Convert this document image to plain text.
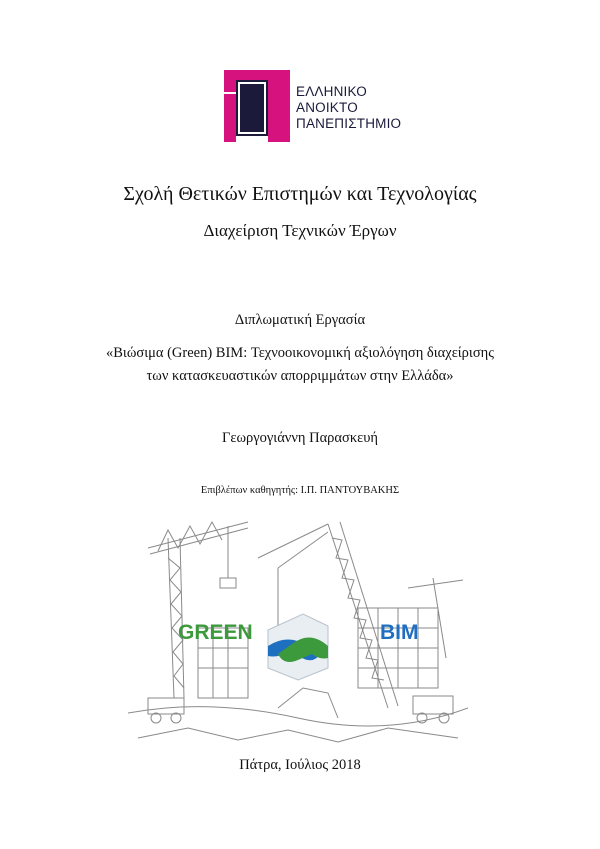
ΕΛΛΗΝΙΚΟ
ΑΝΟΙΚΤΟ
ΠΑΝΕΠΙΣΤΗΜΙΟ
Σχολή Θετικών Επιστημών και Τεχνολογίας
Διαχείριση Τεχνικών Έργων
Διπλωματική Εργασία
«Βιώσιμα (Green) BIM: Τεχνοοικονομική αξιολόγηση διαχείρισης
των κατασκευαστικών απορριμμάτων στην Ελλάδα»
Γεωργογιάννη Παρασκευή
Επιβλέπων καθηγητής: Ι.Π. ΠΑΝΤΟΥΒΑΚΗΣ
GREEN	BIM
Πάτρα, Ιούλιος 2018
